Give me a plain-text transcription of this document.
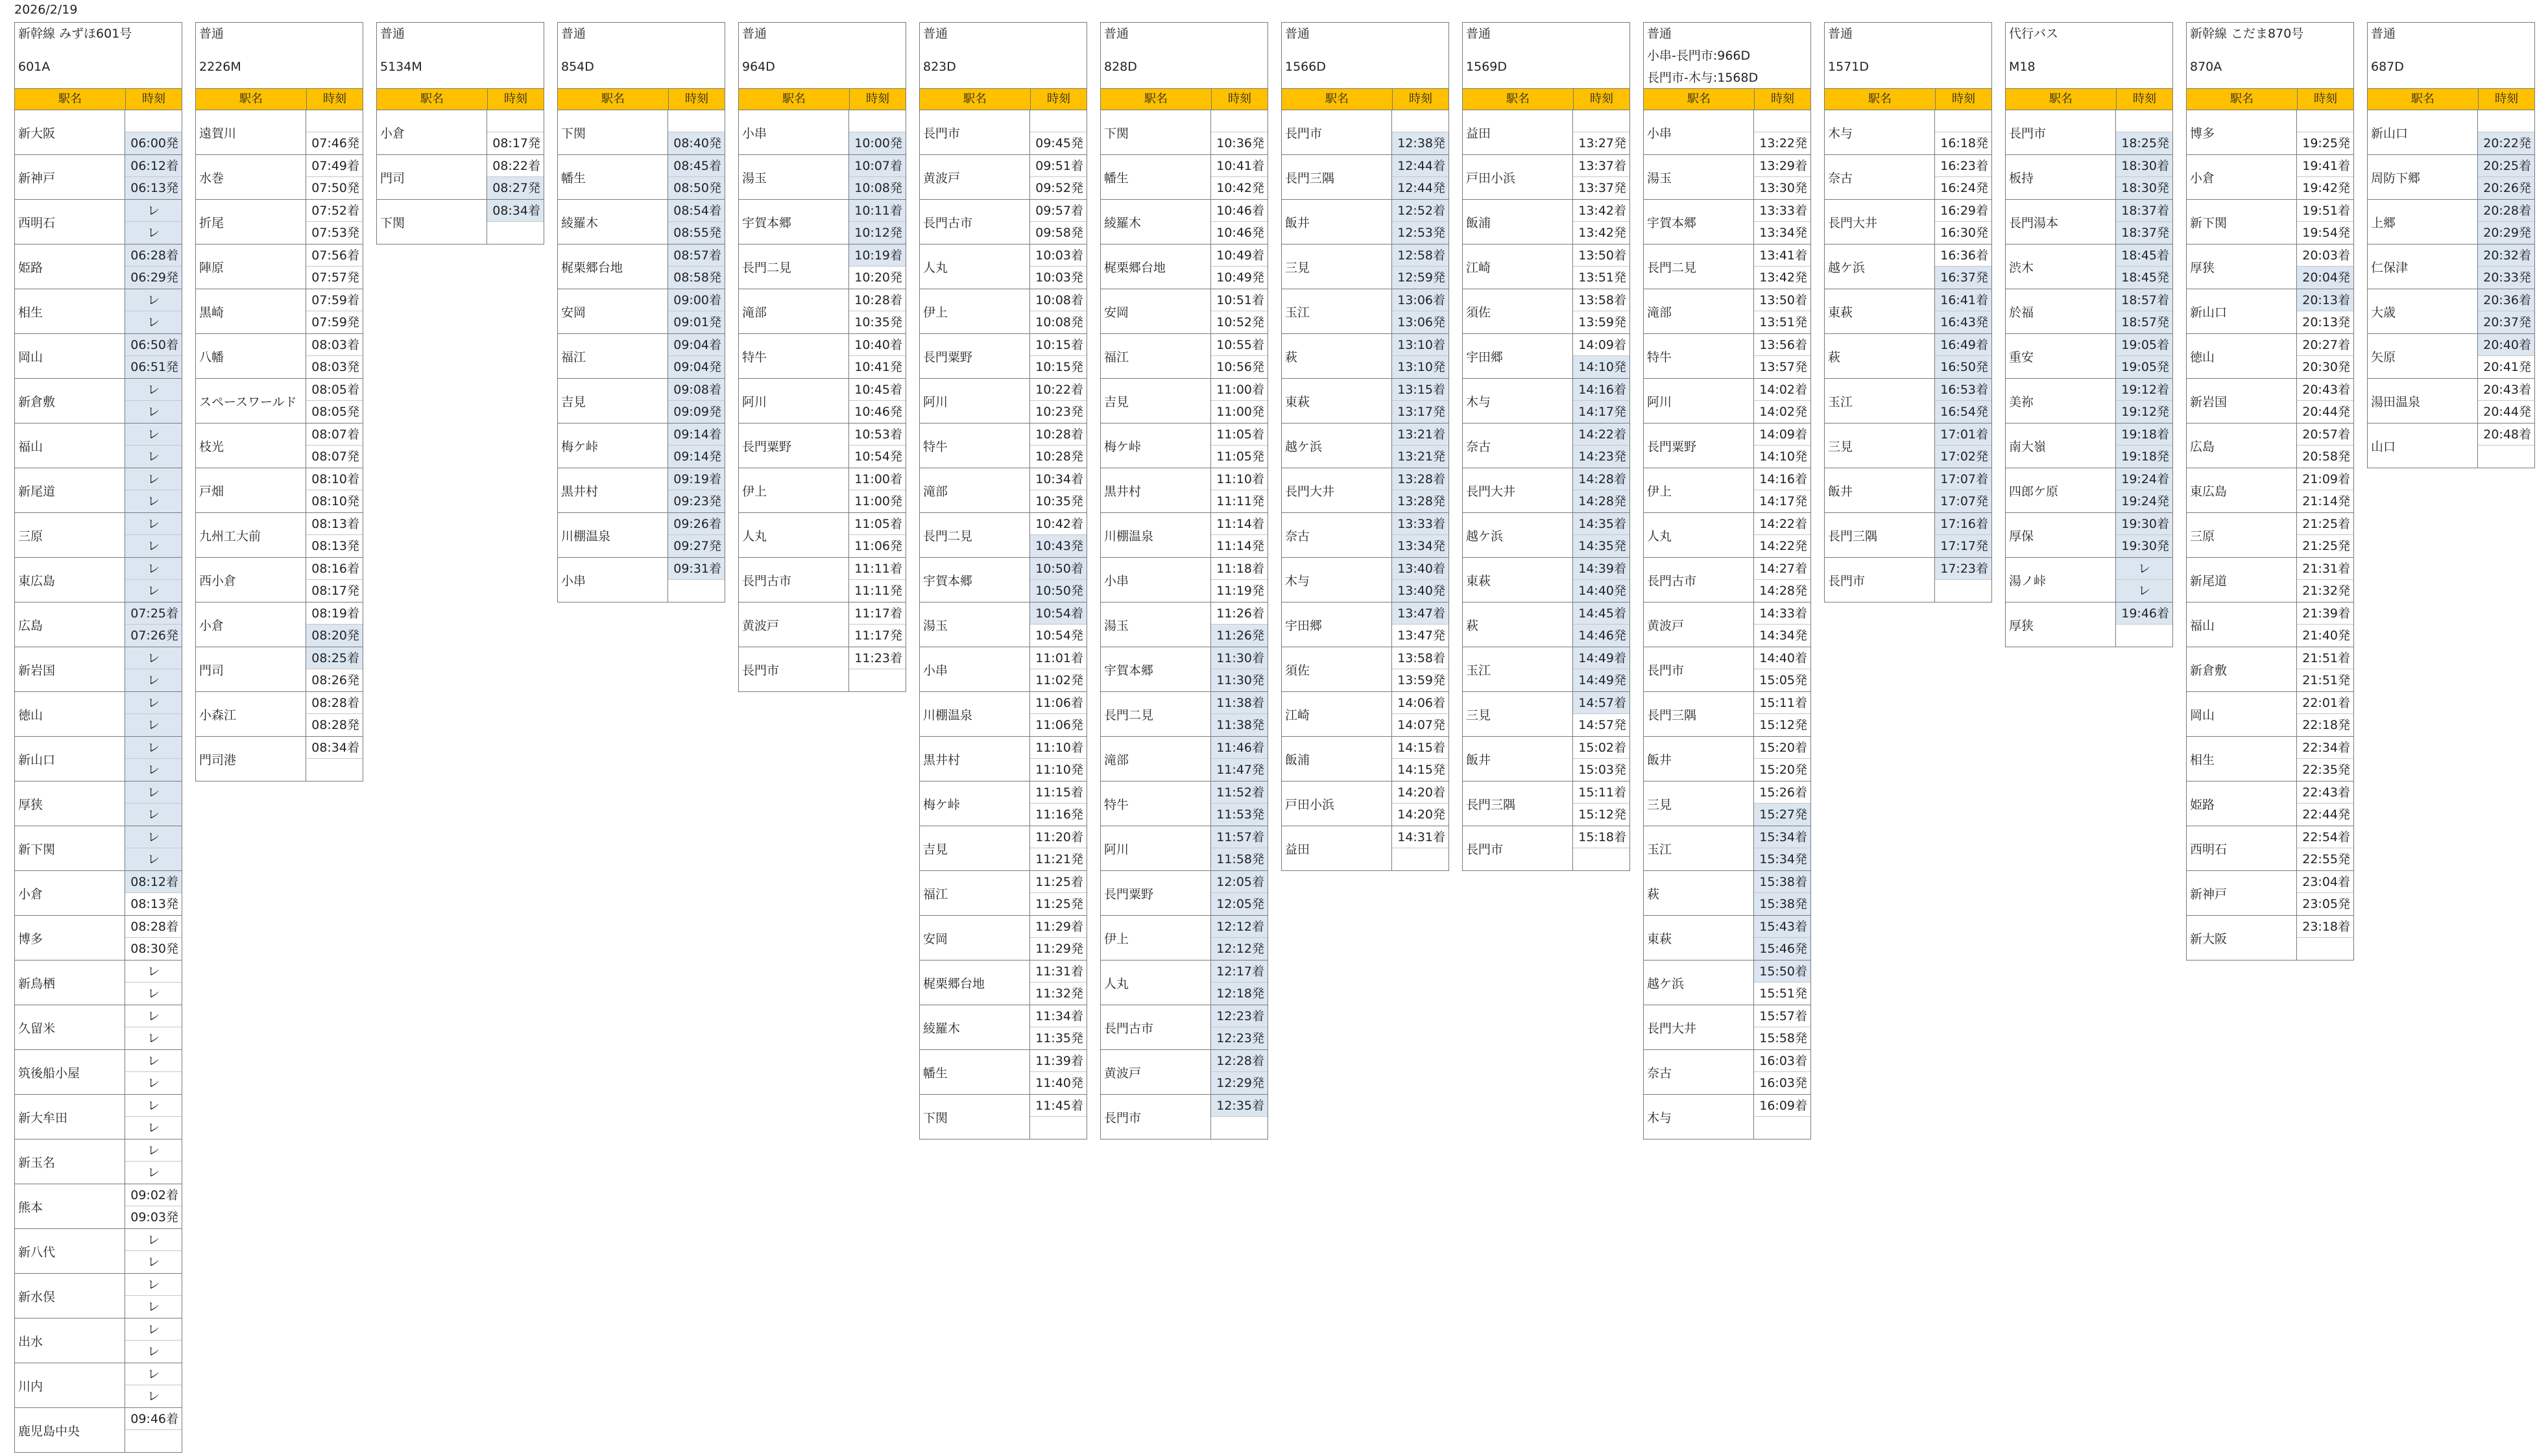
2026/2/19
新幹線 みずほ601号
601A
駅名	時刻
新大阪
06:00発
新神戸
06:12着
06:13発
西明石
レ
レ
姫路
06:28着
06:29発
相生
レ
レ
岡山
06:50着
06:51発
新倉敷
レ
レ
福山
レ
レ
新尾道
レ
レ
三原
レ
レ
東広島
レ
レ
広島
07:25着
07:26発
新岩国
レ
レ
徳山
レ
レ
新山口
レ
レ
厚狭
レ
レ
新下関
レ
レ
小倉
08:12着
08:13発
博多
08:28着
08:30発
新鳥栖
レ
レ
久留米
レ
レ
筑後船小屋
レ
レ
新大牟田
レ
レ
新玉名
レ
レ
熊本
09:02着
09:03発
新八代
レ
レ
新水俣
レ
レ
出水
レ
レ
川内
レ
レ
鹿児島中央
09:46着
普通
2226M
駅名	時刻
遠賀川
07:46発
水巻
07:49着
07:50発
折尾
07:52着
07:53発
陣原
07:56着
07:57発
黒崎
07:59着
07:59発
八幡
08:03着
08:03発
スペースワールド
08:05着
08:05発
枝光
08:07着
08:07発
戸畑
08:10着
08:10発
九州工大前
08:13着
08:13発
西小倉
08:16着
08:17発
小倉
08:19着
08:20発
門司
08:25着
08:26発
小森江
08:28着
08:28発
門司港
08:34着
普通
5134M
駅名	時刻
小倉
08:17発
門司
08:22着
08:27発
下関
08:34着
普通
854D
駅名	時刻
下関
08:40発
幡生
08:45着
08:50発
綾羅木
08:54着
08:55発
梶栗郷台地
08:57着
08:58発
安岡
09:00着
09:01発
福江
09:04着
09:04発
吉見
09:08着
09:09発
梅ケ峠
09:14着
09:14発
黒井村
09:19着
09:23発
川棚温泉
09:26着
09:27発
小串
09:31着
普通
964D
駅名	時刻
小串
10:00発
湯玉
10:07着
10:08発
宇賀本郷
10:11着
10:12発
長門二見
10:19着
10:20発
滝部
10:28着
10:35発
特牛
10:40着
10:41発
阿川
10:45着
10:46発
長門粟野
10:53着
10:54発
伊上
11:00着
11:00発
人丸
11:05着
11:06発
長門古市
11:11着
11:11発
黄波戸
11:17着
11:17発
長門市
11:23着
普通
823D
駅名	時刻
長門市
09:45発
黄波戸
09:51着
09:52発
長門古市
09:57着
09:58発
人丸
10:03着
10:03発
伊上
10:08着
10:08発
長門粟野
10:15着
10:15発
阿川
10:22着
10:23発
特牛
10:28着
10:28発
滝部
10:34着
10:35発
長門二見
10:42着
10:43発
宇賀本郷
10:50着
10:50発
湯玉
10:54着
10:54発
小串
11:01着
11:02発
川棚温泉
11:06着
11:06発
黒井村
11:10着
11:10発
梅ケ峠
11:15着
11:16発
吉見
11:20着
11:21発
福江
11:25着
11:25発
安岡
11:29着
11:29発
梶栗郷台地
11:31着
11:32発
綾羅木
11:34着
11:35発
幡生
11:39着
11:40発
下関
11:45着
普通
828D
駅名	時刻
下関
10:36発
幡生
10:41着
10:42発
綾羅木
10:46着
10:46発
梶栗郷台地
10:49着
10:49発
安岡
10:51着
10:52発
福江
10:55着
10:56発
吉見
11:00着
11:00発
梅ケ峠
11:05着
11:05発
黒井村
11:10着
11:11発
川棚温泉
11:14着
11:14発
小串
11:18着
11:19発
湯玉
11:26着
11:26発
宇賀本郷
11:30着
11:30発
長門二見
11:38着
11:38発
滝部
11:46着
11:47発
特牛
11:52着
11:53発
阿川
11:57着
11:58発
長門粟野
12:05着
12:05発
伊上
12:12着
12:12発
人丸
12:17着
12:18発
長門古市
12:23着
12:23発
黄波戸
12:28着
12:29発
長門市
12:35着
普通
1566D
駅名	時刻
長門市
12:38発
長門三隅
12:44着
12:44発
飯井
12:52着
12:53発
三見
12:58着
12:59発
玉江
13:06着
13:06発
萩
13:10着
13:10発
東萩
13:15着
13:17発
越ケ浜
13:21着
13:21発
長門大井
13:28着
13:28発
奈古
13:33着
13:34発
木与
13:40着
13:40発
宇田郷
13:47着
13:47発
須佐
13:58着
13:59発
江崎
14:06着
14:07発
飯浦
14:15着
14:15発
戸田小浜
14:20着
14:20発
益田
14:31着
普通
1569D
駅名	時刻
益田
13:27発
戸田小浜
13:37着
13:37発
飯浦
13:42着
13:42発
江崎
13:50着
13:51発
須佐
13:58着
13:59発
宇田郷
14:09着
14:10発
木与
14:16着
14:17発
奈古
14:22着
14:23発
長門大井
14:28着
14:28発
越ケ浜
14:35着
14:35発
東萩
14:39着
14:40発
萩
14:45着
14:46発
玉江
14:49着
14:49発
三見
14:57着
14:57発
飯井
15:02着
15:03発
長門三隅
15:11着
15:12発
長門市
15:18着
普通
小串-長門市:966D
長門市-木与:1568D
駅名	時刻
小串
13:22発
湯玉
13:29着
13:30発
宇賀本郷
13:33着
13:34発
長門二見
13:41着
13:42発
滝部
13:50着
13:51発
特牛
13:56着
13:57発
阿川
14:02着
14:02発
長門粟野
14:09着
14:10発
伊上
14:16着
14:17発
人丸
14:22着
14:22発
長門古市
14:27着
14:28発
黄波戸
14:33着
14:34発
長門市
14:40着
15:05発
長門三隅
15:11着
15:12発
飯井
15:20着
15:20発
三見
15:26着
15:27発
玉江
15:34着
15:34発
萩
15:38着
15:38発
東萩
15:43着
15:46発
越ケ浜
15:50着
15:51発
長門大井
15:57着
15:58発
奈古
16:03着
16:03発
木与
16:09着
普通
1571D
駅名	時刻
木与
16:18発
奈古
16:23着
16:24発
長門大井
16:29着
16:30発
越ケ浜
16:36着
16:37発
東萩
16:41着
16:43発
萩
16:49着
16:50発
玉江
16:53着
16:54発
三見
17:01着
17:02発
飯井
17:07着
17:07発
長門三隅
17:16着
17:17発
長門市
17:23着
代行バス
M18
駅名	時刻
長門市
18:25発
板持
18:30着
18:30発
長門湯本
18:37着
18:37発
渋木
18:45着
18:45発
於福
18:57着
18:57発
重安
19:05着
19:05発
美祢
19:12着
19:12発
南大嶺
19:18着
19:18発
四郎ケ原
19:24着
19:24発
厚保
19:30着
19:30発
湯ノ峠
レ
レ
厚狭
19:46着
新幹線 こだま870号
870A
駅名	時刻
博多
19:25発
小倉
19:41着
19:42発
新下関
19:51着
19:54発
厚狭
20:03着
20:04発
新山口
20:13着
20:13発
徳山
20:27着
20:30発
新岩国
20:43着
20:44発
広島
20:57着
20:58発
東広島
21:09着
21:14発
三原
21:25着
21:25発
新尾道
21:31着
21:32発
福山
21:39着
21:40発
新倉敷
21:51着
21:51発
岡山
22:01着
22:18発
相生
22:34着
22:35発
姫路
22:43着
22:44発
西明石
22:54着
22:55発
新神戸
23:04着
23:05発
新大阪
23:18着
普通
687D
駅名	時刻
新山口
20:22発
周防下郷
20:25着
20:26発
上郷
20:28着
20:29発
仁保津
20:32着
20:33発
大歳
20:36着
20:37発
矢原
20:40着
20:41発
湯田温泉
20:43着
20:44発
山口
20:48着
